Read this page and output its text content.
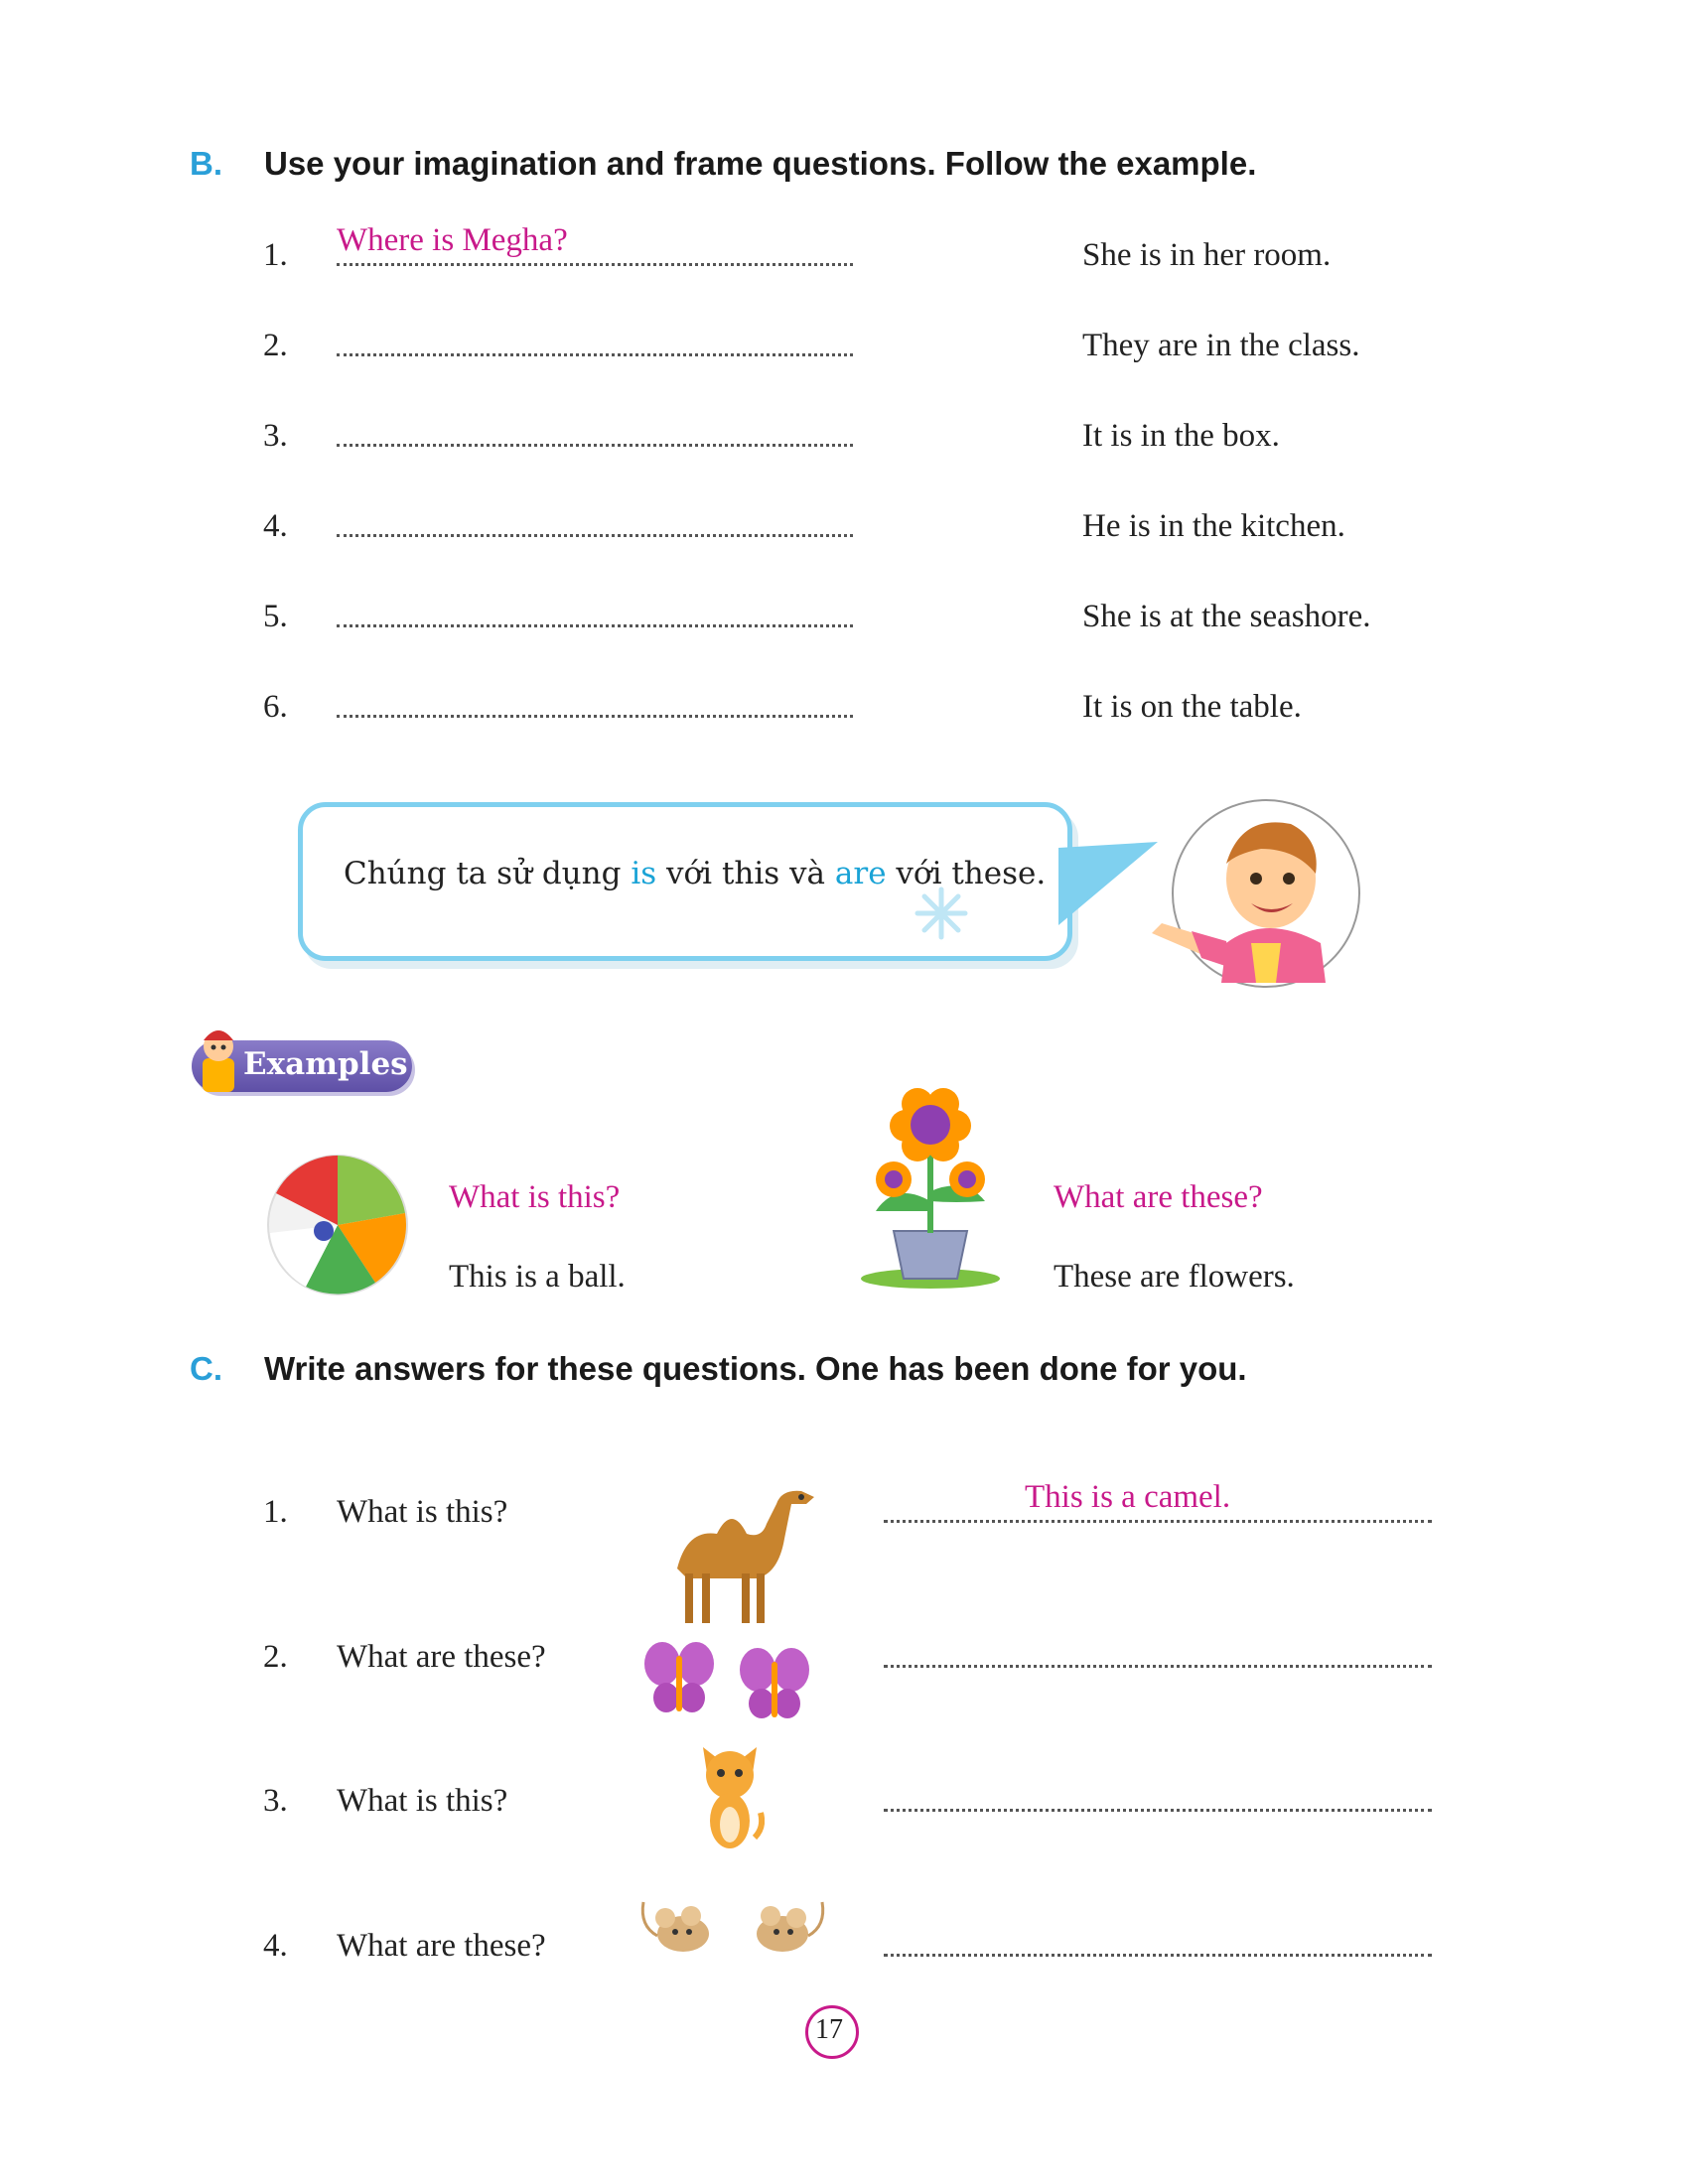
B. Use your imagination and frame questions. Follow the example.
1. Where is Megha?	She is in her room.
2.	They are in the class.
3.	It is in the box.
4.	He is in the kitchen.
5.	She is at the seashore.
6.	It is on the table.
Chúng ta sử dụng is với this và are với these.
Examples
What is this?
This is a ball.
What are these?
These are flowers.
C. Write answers for these questions. One has been done for you.
1. What is this?	This is a camel.
2. What are these?
3. What is this?
4. What are these?
17
